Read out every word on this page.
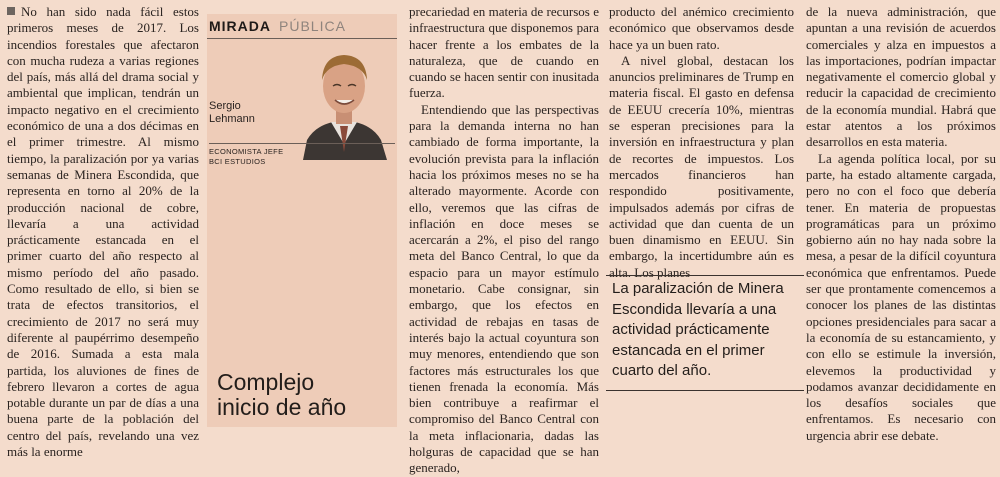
No han sido nada fácil estos primeros meses de 2017. Los incendios forestales que afectaron con mucha rudeza a varias regiones del país, más allá del drama social y ambiental que implican, tendrán un impacto negativo en el crecimiento económico de una a dos décimas en el primer trimestre. Al mismo tiempo, la paralización por ya varias semanas de Minera Escondida, que representa en torno al 20% de la producción nacional de cobre, llevaría a una actividad prácticamente estancada en el primer cuarto del año respecto al mismo período del año pasado. Como resultado de ello, si bien se trata de efectos transitorios, el crecimiento de 2017 no será muy diferente al paupérrimo desempeño de 2016. Sumada a esta mala partida, los aluviones de fines de febrero llevaron a cortes de agua potable durante un par de días a una buena parte de la población del centro del país, revelando una vez más la enorme

MIRADA PÚBLICA
Sergio
Lehmann
ECONOMISTA JEFE
BCI ESTUDIOS
Complejo
inicio de año

precariedad en materia de recursos e infraestructura que disponemos para hacer frente a los embates de la naturaleza, que de cuando en cuando se hacen sentir con inusitada fuerza.

Entendiendo que las perspectivas para la demanda interna no han cambiado de forma importante, la evolución prevista para la inflación hacia los próximos meses no se ha alterado mayormente. Acorde con ello, veremos que las cifras de inflación en doce meses se acercarán a 2%, el piso del rango meta del Banco Central, lo que da espacio para un mayor estímulo monetario. Cabe consignar, sin embargo, que los efectos en actividad de rebajas en tasas de interés bajo la actual coyuntura son muy menores, entendiendo que son factores más estructurales los que tienen frenada la economía. Más bien contribuye a reafirmar el compromiso del Banco Central con la meta inflacionaria, dadas las holguras de capacidad que se han generado,

producto del anémico crecimiento económico que observamos desde hace ya un buen rato.

A nivel global, destacan los anuncios preliminares de Trump en materia fiscal. El gasto en defensa de EEUU crecería 10%, mientras se esperan precisiones para la inversión en infraestructura y plan de recortes de impuestos. Los mercados financieros han respondido positivamente, impulsados además por cifras de actividad que dan cuenta de un buen dinamismo en EEUU. Sin embargo, la incertidumbre aún es alta. Los planes

La paralización de Minera Escondida llevaría a una actividad prácticamente estancada en el primer cuarto del año.

de la nueva administración, que apuntan a una revisión de acuerdos comerciales y alza en impuestos a las importaciones, podrían impactar negativamente el comercio global y reducir la capacidad de crecimiento de la economía mundial. Habrá que estar atentos a los próximos desarrollos en esta materia.

La agenda política local, por su parte, ha estado altamente cargada, pero no con el foco que debería tener. En materia de propuestas programáticas para un próximo gobierno aún no hay nada sobre la mesa, a pesar de la difícil coyuntura económica que enfrentamos. Puede ser que prontamente comencemos a conocer los planes de las distintas opciones presidenciales para sacar a la economía de su estancamiento, y con ello se estimule la inversión, elevemos la productividad y podamos avanzar decididamente en los desafíos sociales que enfrentamos. Es necesario con urgencia abrir ese debate.
